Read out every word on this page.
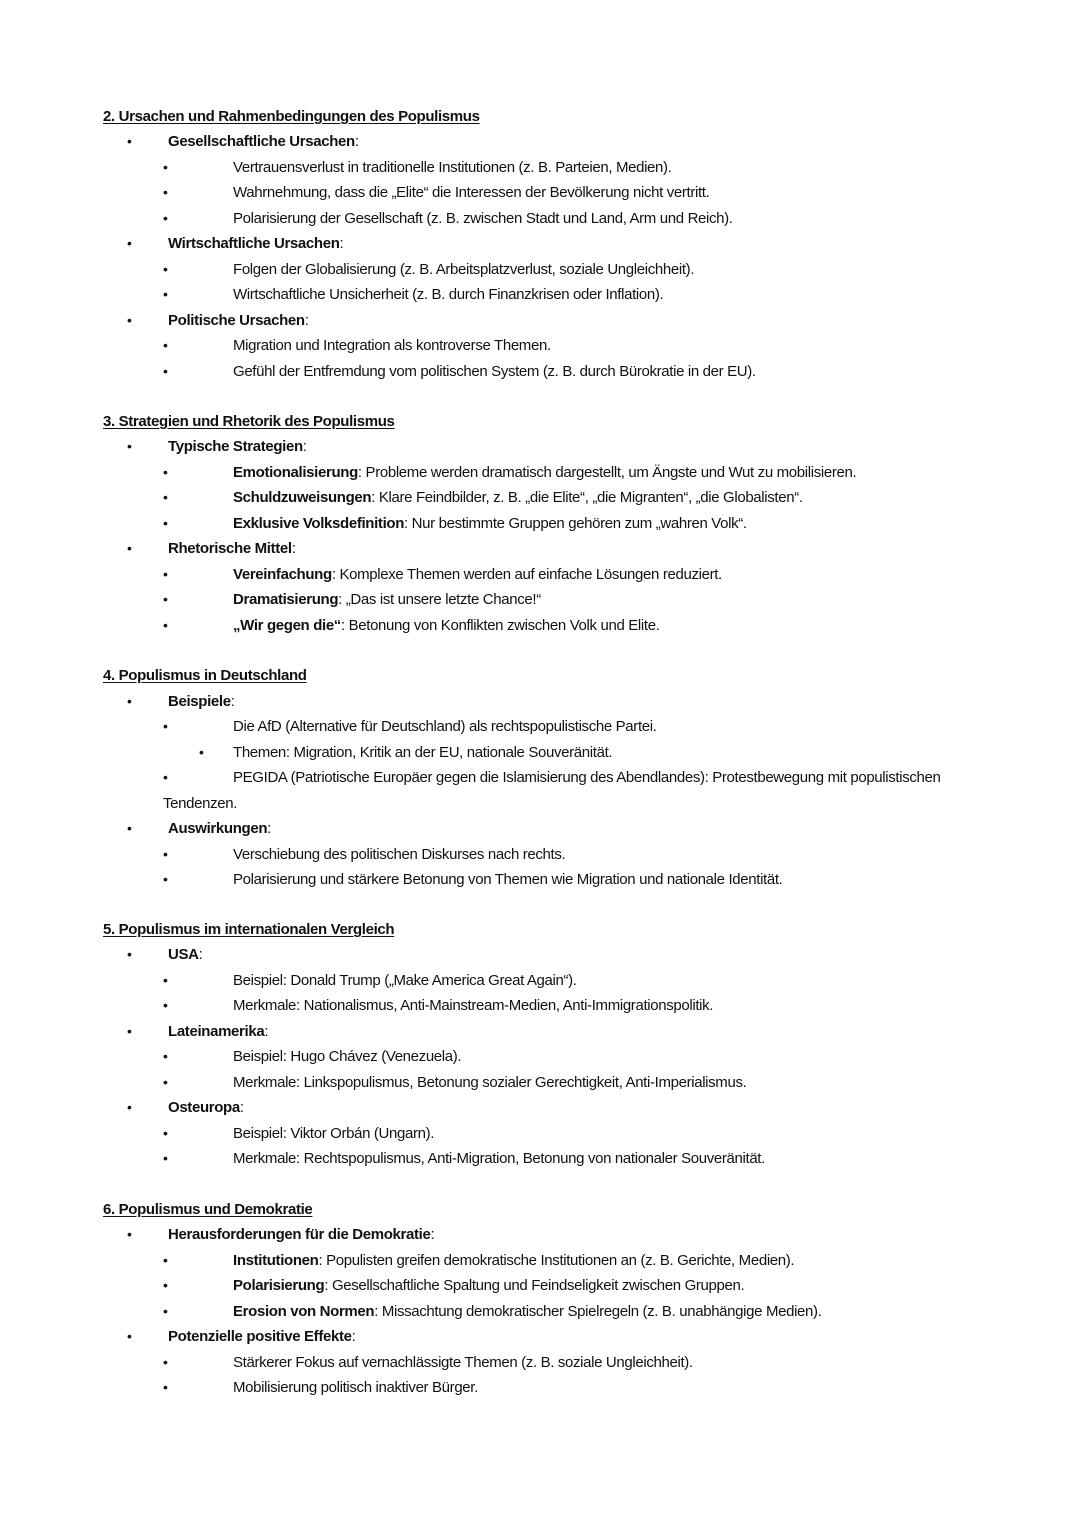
2. Ursachen und Rahmenbedingungen des Populismus
• Gesellschaftliche Ursachen:
•	Vertrauensverlust in traditionelle Institutionen (z. B. Parteien, Medien).
•	Wahrnehmung, dass die „Elite“ die Interessen der Bevölkerung nicht vertritt.
•	Polarisierung der Gesellschaft (z. B. zwischen Stadt und Land, Arm und Reich).
• Wirtschaftliche Ursachen:
•	Folgen der Globalisierung (z. B. Arbeitsplatzverlust, soziale Ungleichheit).
•	Wirtschaftliche Unsicherheit (z. B. durch Finanzkrisen oder Inflation).
• Politische Ursachen:
•	Migration und Integration als kontroverse Themen.
•	Gefühl der Entfremdung vom politischen System (z. B. durch Bürokratie in der EU).
3. Strategien und Rhetorik des Populismus
• Typische Strategien:
•	Emotionalisierung: Probleme werden dramatisch dargestellt, um Ängste und Wut zu mobilisieren.
•	Schuldzuweisungen: Klare Feindbilder, z. B. „die Elite“, „die Migranten“, „die Globalisten“.
•	Exklusive Volksdefinition: Nur bestimmte Gruppen gehören zum „wahren Volk“.
• Rhetorische Mittel:
•	Vereinfachung: Komplexe Themen werden auf einfache Lösungen reduziert.
•	Dramatisierung: „Das ist unsere letzte Chance!“
•	„Wir gegen die“: Betonung von Konflikten zwischen Volk und Elite.
4. Populismus in Deutschland
• Beispiele:
•	Die AfD (Alternative für Deutschland) als rechtspopulistische Partei.
• Themen: Migration, Kritik an der EU, nationale Souveränität.
•	PEGIDA (Patriotische Europäer gegen die Islamisierung des Abendlandes): Protestbewegung mit populistischen
Tendenzen.
• Auswirkungen:
•	Verschiebung des politischen Diskurses nach rechts.
•	Polarisierung und stärkere Betonung von Themen wie Migration und nationale Identität.
5. Populismus im internationalen Vergleich
• USA:
•	Beispiel: Donald Trump („Make America Great Again“).
•	Merkmale: Nationalismus, Anti-Mainstream-Medien, Anti-Immigrationspolitik.
• Lateinamerika:
•	Beispiel: Hugo Chávez (Venezuela).
•	Merkmale: Linkspopulismus, Betonung sozialer Gerechtigkeit, Anti-Imperialismus.
• Osteuropa:
•	Beispiel: Viktor Orbán (Ungarn).
•	Merkmale: Rechtspopulismus, Anti-Migration, Betonung von nationaler Souveränität.
6. Populismus und Demokratie
• Herausforderungen für die Demokratie:
•	Institutionen: Populisten greifen demokratische Institutionen an (z. B. Gerichte, Medien).
•	Polarisierung: Gesellschaftliche Spaltung und Feindseligkeit zwischen Gruppen.
•	Erosion von Normen: Missachtung demokratischer Spielregeln (z. B. unabhängige Medien).
• Potenzielle positive Effekte:
•	Stärkerer Fokus auf vernachlässigte Themen (z. B. soziale Ungleichheit).
•	Mobilisierung politisch inaktiver Bürger.
